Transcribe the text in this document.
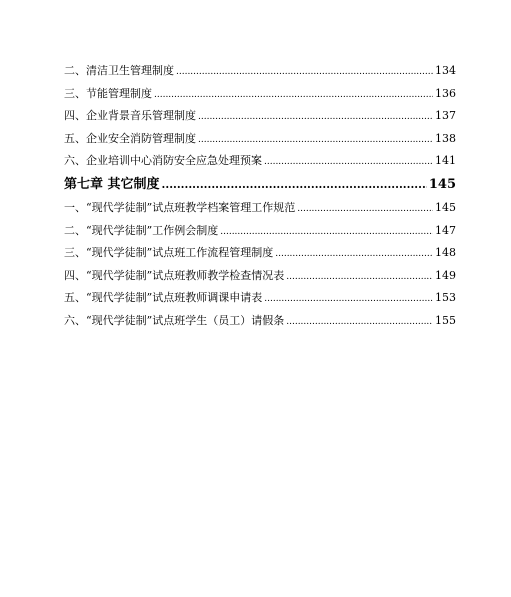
二、清洁卫生管理制度 .....	134
三、节能管理制度 .....	136
四、企业背景音乐管理制度 .....	137
五、企业安全消防管理制度 .....	138
六、企业培训中心消防安全应急处理预案 .....	141
第七章 其它制度 .....	145
一、“现代学徒制”试点班教学档案管理工作规范 .....	145
二、“现代学徒制”工作例会制度 .....	147
三、“现代学徒制”试点班工作流程管理制度 .....	148
四、“现代学徒制”试点班教师教学检查情况表 .....	149
五、“现代学徒制”试点班教师调课申请表 .....	153
六、“现代学徒制”试点班学生（员工）请假条 .....	155
